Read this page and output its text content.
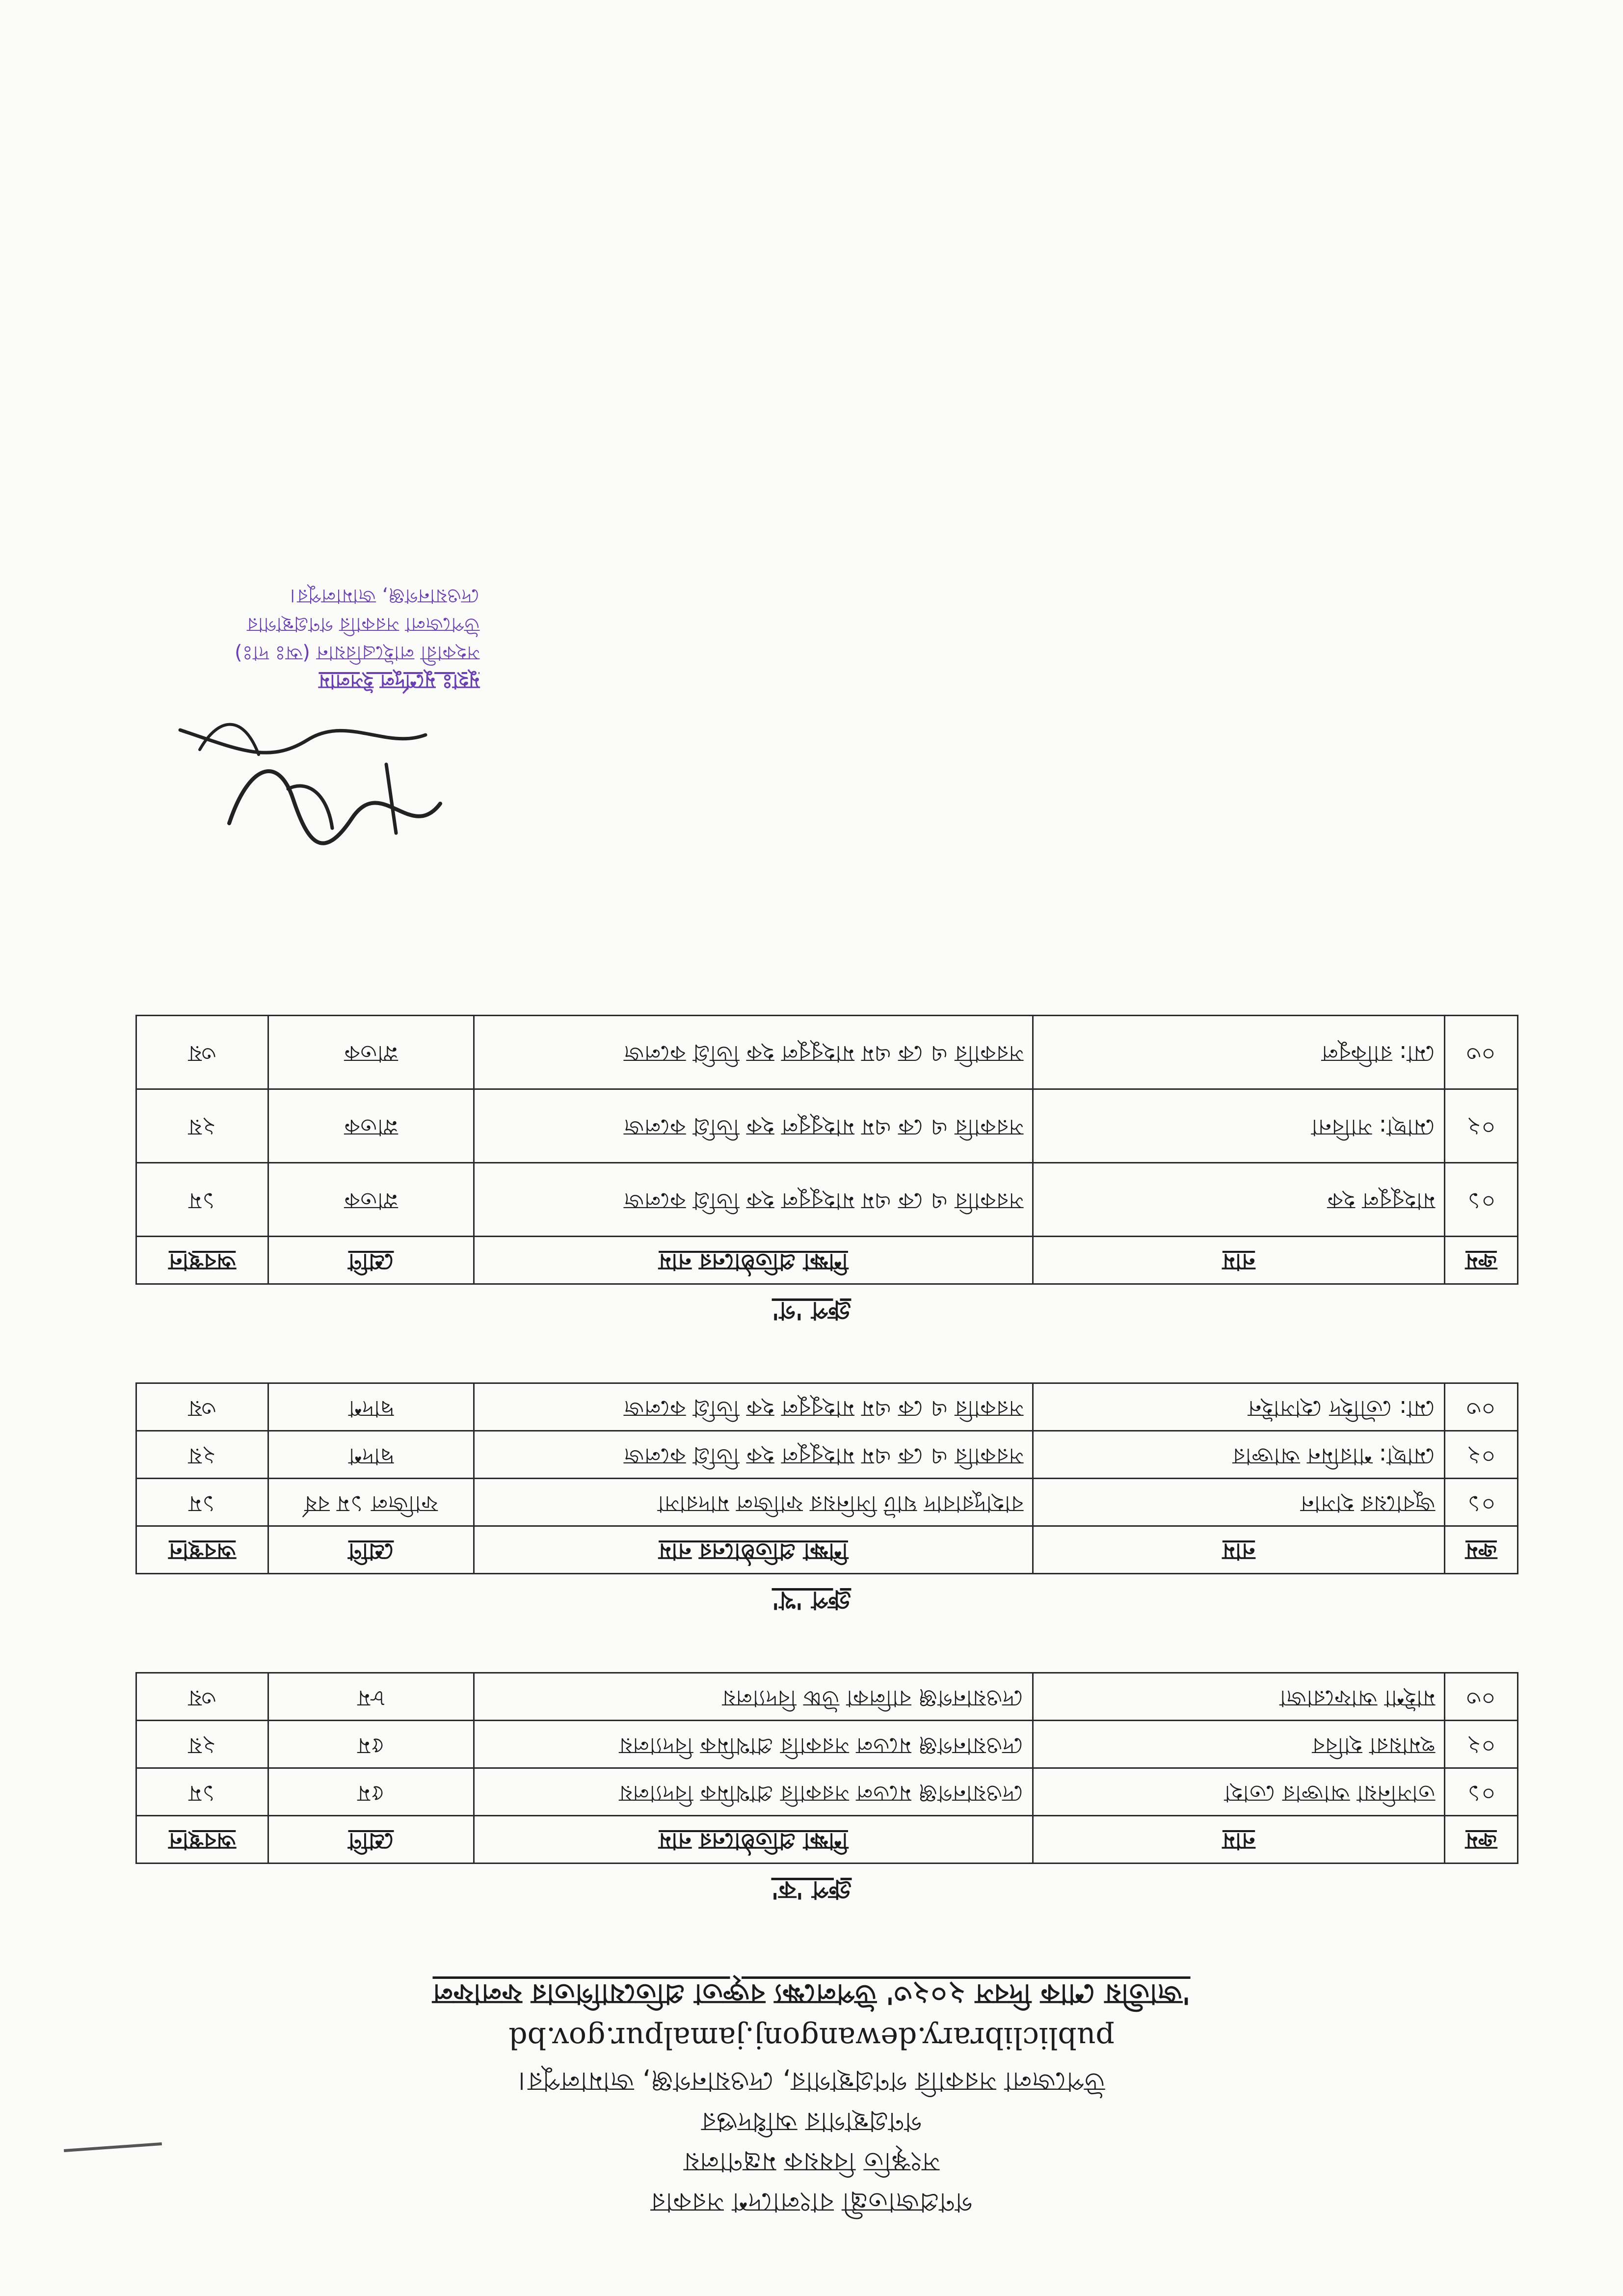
গণপ্রজাতন্ত্রী বাংলাদেশ সরকার
সংস্কৃতি বিষয়ক মন্ত্রণালয়
গণগ্রন্থাগার অধিদপ্তর
উপজেলা সরকারি গণগ্রন্থাগার, দেওয়ানগঞ্জ, জামালপুর।
publiclibrary.dewangonj.jamalpur.gov.bd
'জাতীয় শোক দিবস ২০২৩' উপলক্ষ্যে বক্তৃতা প্রতিযোগিতার ফলাফল
গ্রুপ 'ক'
ক্রম	নাম	শিক্ষা প্রতিষ্ঠানের নাম	শ্রেণি	অবস্থান
০১	তাসনিয়া আক্তার তোহা	দেওয়ানগঞ্জ মডেল সরকারি প্রাথমিক বিদ্যালয়	৫ম	১ম
০২	হুমায়রা হাবিব	দেওয়ানগঞ্জ মডেল সরকারি প্রাথমিক বিদ্যালয়	৫ম	২য়
০৩	মাইশা আফরোজা	দেওয়ানগঞ্জ বালিকা উচ্চ বিদ্যালয়	৮ম	৩য়
গ্রুপ 'খ'
ক্রম	নাম	শিক্ষা প্রতিষ্ঠানের নাম	শ্রেণি	অবস্থান
০১	জুবায়ের হাসান	বাহাদুরাবাদ ঘাট সিনিয়র ফাজিল মাদরাসা	ফাজিল ১ম বর্ষ	১ম
০২	মোছা: শারমিন আক্তার	সরকারি এ কে এম মাহবুবুল হক ডিগ্রি কলেজ	দ্বাদশ	২য়
০৩	মো: তৌহিদ হোসাইন	সরকারি এ কে এম মাহবুবুল হক ডিগ্রি কলেজ	দ্বাদশ	৩য়
গ্রুপ 'গ'
ক্রম	নাম	শিক্ষা প্রতিষ্ঠানের নাম	শ্রেণি	অবস্থান
০১	মাহবুবুল হক	সরকারি এ কে এম মাহবুবুল হক ডিগ্রি কলেজ	স্নাতক	১ম
০২	মোছা: সাবিনা	সরকারি এ কে এম মাহবুবুল হক ডিগ্রি কলেজ	স্নাতক	২য়
০৩	মো: রাকিবুল	সরকারি এ কে এম মাহবুবুল হক ডিগ্রি কলেজ	স্নাতক	৩য়
মুহাঃ মুর্শেদুল ইসলাম
সহকারী লাইব্রেরিয়ান (অঃ দাঃ)
উপজেলা সরকারি গণগ্রন্থাগার
দেওয়ানগঞ্জ, জামালপুর।
